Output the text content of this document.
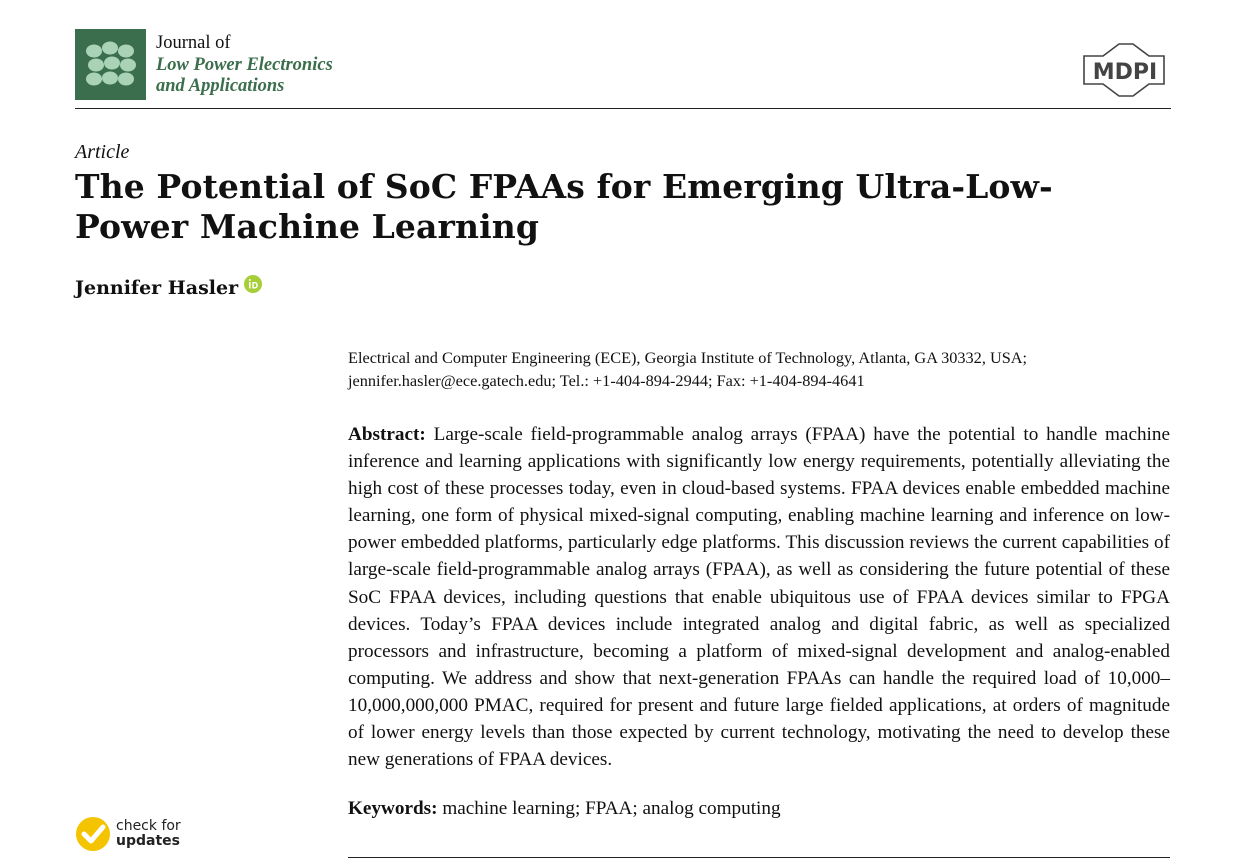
Journal of
Low Power Electronics
and Applications
MDPI
Article
The Potential of SoC FPAAs for Emerging Ultra-Low-Power Machine Learning
Jennifer Hasler
Electrical and Computer Engineering (ECE), Georgia Institute of Technology, Atlanta, GA 30332, USA; jennifer.hasler@ece.gatech.edu; Tel.: +1-404-894-2944; Fax: +1-404-894-4641
Abstract: Large-scale field-programmable analog arrays (FPAA) have the potential to handle machine inference and learning applications with significantly low energy requirements, potentially alleviating the high cost of these processes today, even in cloud-based systems. FPAA devices enable embedded machine learning, one form of physical mixed-signal computing, enabling machine learning and inference on low-power embedded platforms, particularly edge platforms. This discussion reviews the current capabilities of large-scale field-programmable analog arrays (FPAA), as well as considering the future potential of these SoC FPAA devices, including questions that enable ubiquitous use of FPAA devices similar to FPGA devices. Today’s FPAA devices include integrated analog and digital fabric, as well as specialized processors and infrastructure, becoming a platform of mixed-signal development and analog-enabled computing. We address and show that next-generation FPAAs can handle the required load of 10,000–10,000,000,000 PMAC, required for present and future large fielded applications, at orders of magnitude of lower energy levels than those expected by current technology, motivating the need to develop these new generations of FPAA devices.
Keywords: machine learning; FPAA; analog computing
check for
updates
